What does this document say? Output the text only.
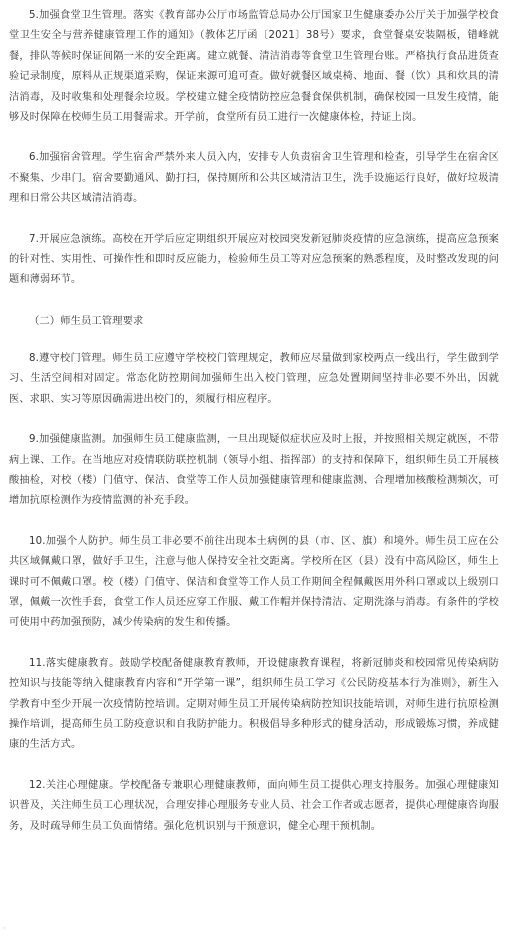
5.加强食堂卫生管理。落实《教育部办公厅市场监管总局办公厅国家卫生健康委办公厅关于加强学校食堂卫生安全与营养健康管理工作的通知》（教体艺厅函〔2021〕38号）要求，食堂餐桌安装隔板，错峰就餐，排队等候时保证间隔一米的安全距离。建立就餐、清洁消毒等食堂卫生管理台账。严格执行食品进货查验记录制度，原料从正规渠道采购，保证来源可追可查。做好就餐区域桌椅、地面、餐（饮）具和炊具的清洁消毒，及时收集和处理餐余垃圾。学校建立健全疫情防控应急餐食保供机制，确保校园一旦发生疫情，能够及时保障在校师生员工用餐需求。开学前，食堂所有员工进行一次健康体检，持证上岗。

6.加强宿舍管理。学生宿舍严禁外来人员入内，安排专人负责宿舍卫生管理和检查，引导学生在宿舍区不聚集、少串门。宿舍要勤通风、勤打扫，保持厕所和公共区域清洁卫生，洗手设施运行良好，做好垃圾清理和日常公共区域清洁消毒。

7.开展应急演练。高校在开学后应定期组织开展应对校园突发新冠肺炎疫情的应急演练，提高应急预案的针对性、实用性、可操作性和即时反应能力，检验师生员工等对应急预案的熟悉程度，及时整改发现的问题和薄弱环节。

（二）师生员工管理要求

8.遵守校门管理。师生员工应遵守学校校门管理规定，教师应尽量做到家校两点一线出行，学生做到学习、生活空间相对固定。常态化防控期间加强师生出入校门管理，应急处置期间坚持非必要不外出，因就医、求职、实习等原因确需进出校门的，须履行相应程序。

9.加强健康监测。加强师生员工健康监测，一旦出现疑似症状应及时上报，并按照相关规定就医，不带病上课、工作。在当地应对疫情联防联控机制（领导小组、指挥部）的支持和保障下，组织师生员工开展核酸抽检，对校（楼）门值守、保洁、食堂等工作人员加强健康管理和健康监测、合理增加核酸检测频次，可增加抗原检测作为疫情监测的补充手段。

10.加强个人防护。师生员工非必要不前往出现本土病例的县（市、区、旗）和境外。师生员工应在公共区域佩戴口罩，做好手卫生，注意与他人保持安全社交距离。学校所在区（县）没有中高风险区，师生上课时可不佩戴口罩。校（楼）门值守、保洁和食堂等工作人员工作期间全程佩戴医用外科口罩或以上级别口罩，佩戴一次性手套，食堂工作人员还应穿工作服、戴工作帽并保持清洁、定期洗涤与消毒。有条件的学校可使用中药加强预防，减少传染病的发生和传播。

11.落实健康教育。鼓励学校配备健康教育教师，开设健康教育课程，将新冠肺炎和校园常见传染病防控知识与技能等纳入健康教育内容和“开学第一课”，组织师生员工学习《公民防疫基本行为准则》，新生入学教育中至少开展一次疫情防控培训。定期对师生员工开展传染病防控知识技能培训，对师生进行抗原检测操作培训，提高师生员工防疫意识和自我防护能力。积极倡导多种形式的健身活动，形成锻炼习惯，养成健康的生活方式。

12.关注心理健康。学校配备专兼职心理健康教师，面向师生员工提供心理支持服务。加强心理健康知识普及，关注师生员工心理状况，合理安排心理服务专业人员、社会工作者或志愿者，提供心理健康咨询服务，及时疏导师生员工负面情绪。强化危机识别与干预意识，健全心理干预机制。

◦
